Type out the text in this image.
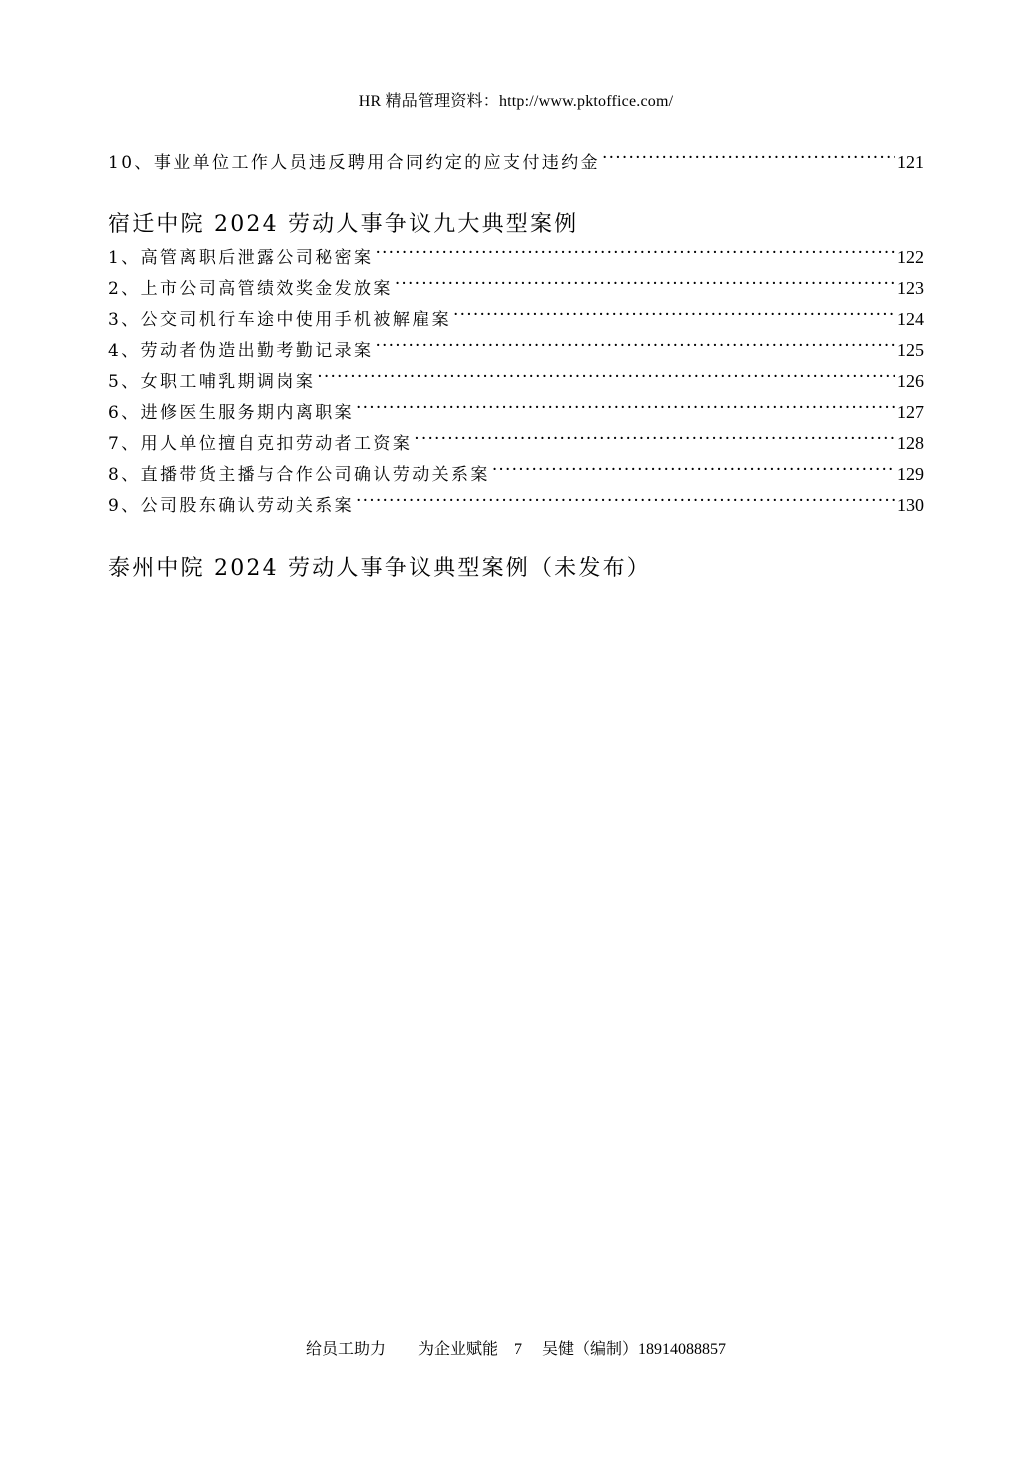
HR 精品管理资料：http://www.pktoffice.com/
10、 事业单位工作人员违反聘用合同约定的应支付违约金 ·····	121
宿迁中院 2024 劳动人事争议九大典型案例
1、 高管离职后泄露公司秘密案 ·····	122
2、 上市公司高管绩效奖金发放案 ·····	123
3、 公交司机行车途中使用手机被解雇案 ·····	124
4、 劳动者伪造出勤考勤记录案 ·····	125
5、 女职工哺乳期调岗案 ·····	126
6、 进修医生服务期内离职案 ·····	127
7、 用人单位擅自克扣劳动者工资案 ·····	128
8、 直播带货主播与合作公司确认劳动关系案 ·····	129
9、 公司股东确认劳动关系案 ·····	130
泰州中院 2024 劳动人事争议典型案例（未发布）
给员工助力　　为企业赋能　7　 吴健（编制）18914088857
